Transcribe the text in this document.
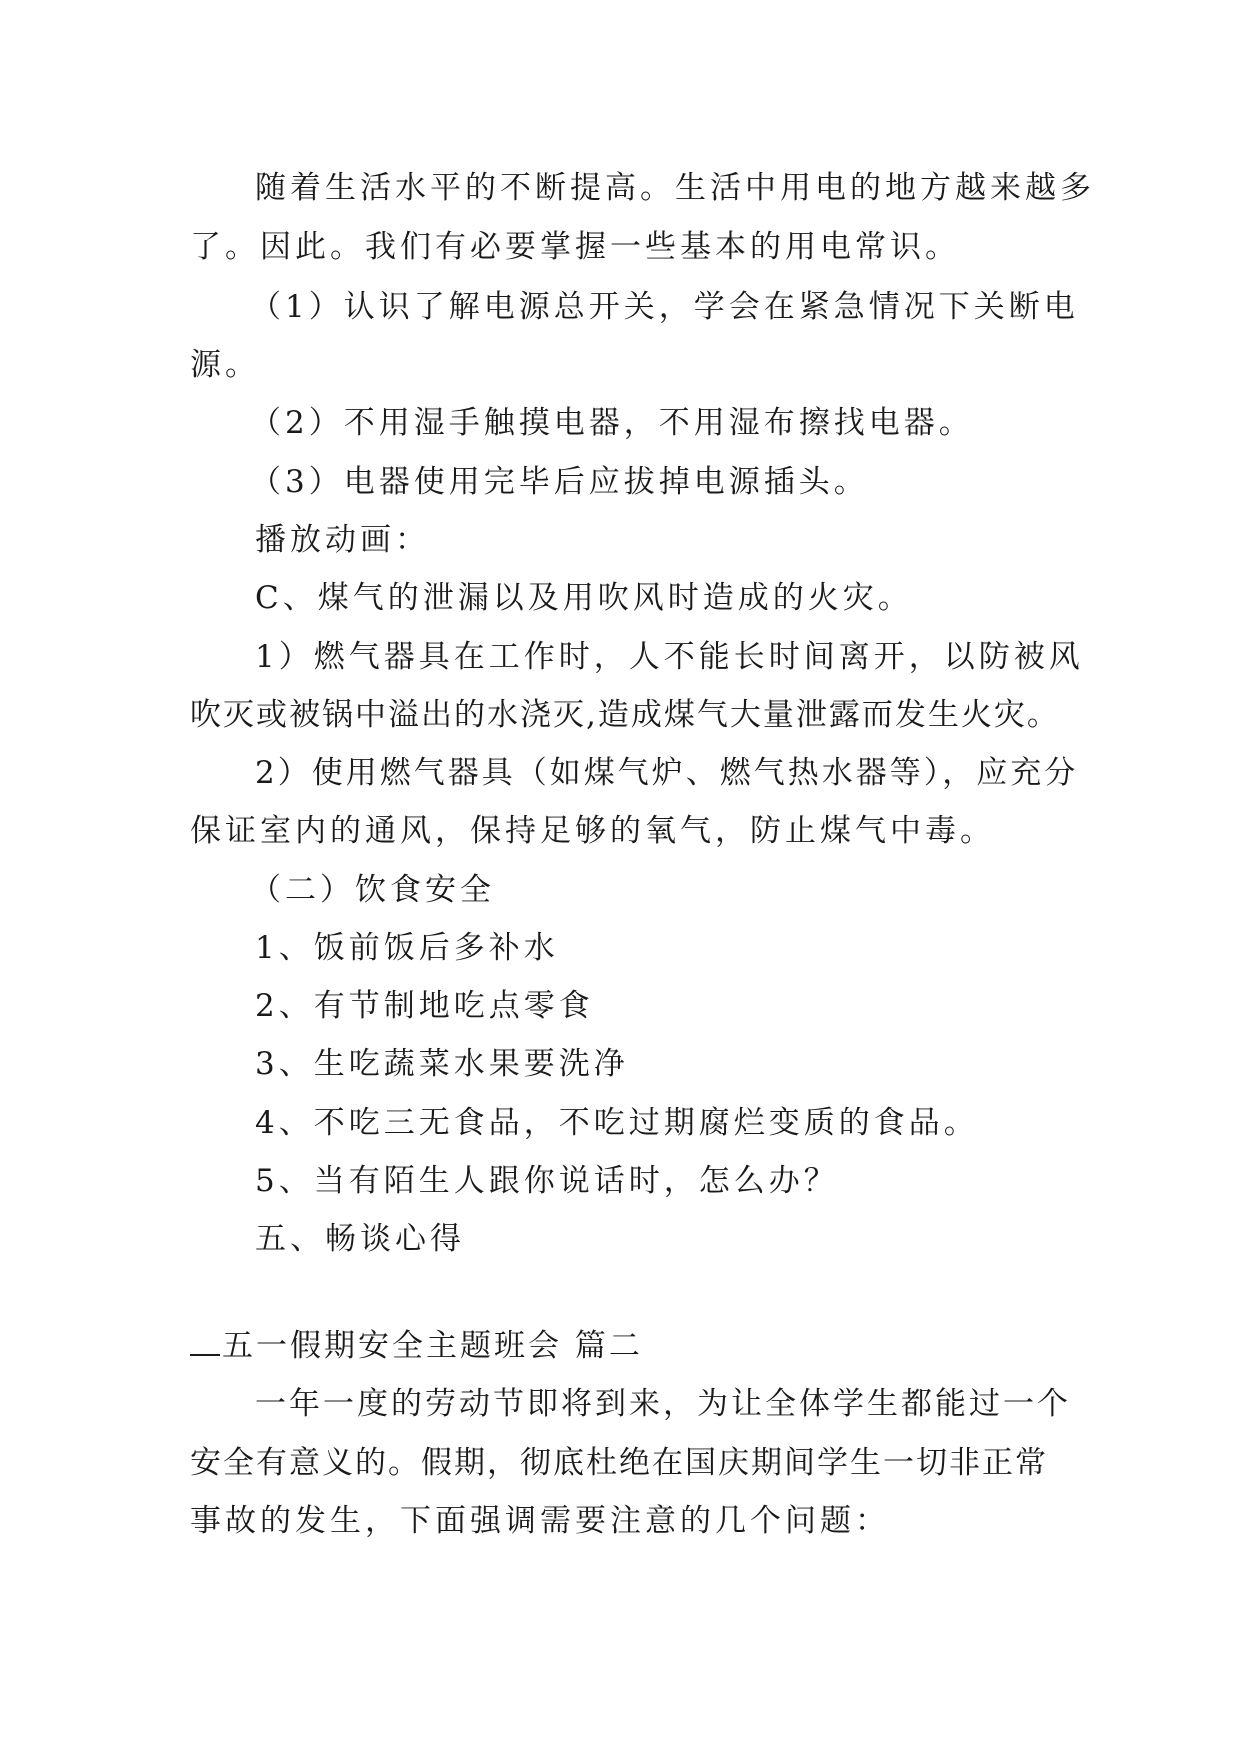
随着生活水平的不断提高。生活中用电的地方越来越多
了。因此。我们有必要掌握一些基本的用电常识。
（1）认识了解电源总开关，学会在紧急情况下关断电
源。
（2）不用湿手触摸电器，不用湿布擦找电器。
（3）电器使用完毕后应拔掉电源插头。
播放动画：
C、煤气的泄漏以及用吹风时造成的火灾。
1）燃气器具在工作时，人不能长时间离开，以防被风
吹灭或被锅中溢出的水浇灭,造成煤气大量泄露而发生火灾。
2）使用燃气器具（如煤气炉、燃气热水器等），应充分
保证室内的通风，保持足够的氧气，防止煤气中毒。
（二）饮食安全
1、饭前饭后多补水
2、有节制地吃点零食
3、生吃蔬菜水果要洗净
4、不吃三无食品，不吃过期腐烂变质的食品。
5、当有陌生人跟你说话时，怎么办？
五、畅谈心得
五一假期安全主题班会 篇二
一年一度的劳动节即将到来，为让全体学生都能过一个
安全有意义的。假期，彻底杜绝在国庆期间学生一切非正常
事故的发生，下面强调需要注意的几个问题：
